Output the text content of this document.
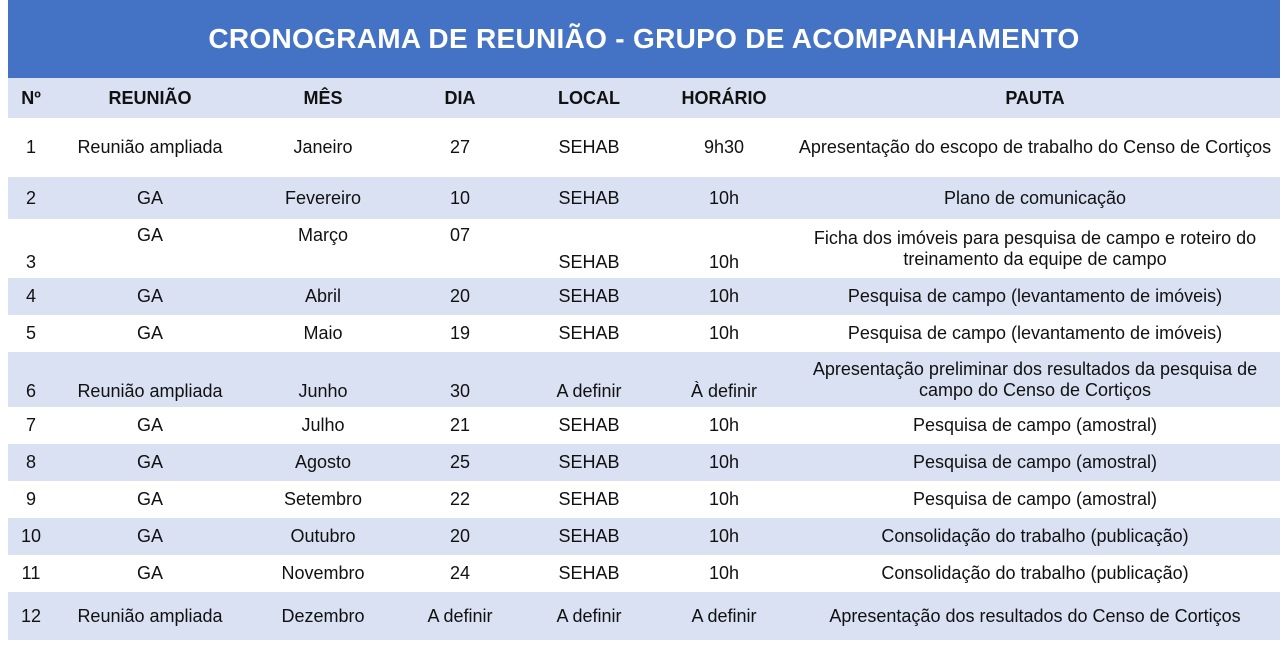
CRONOGRAMA DE REUNIÃO - GRUPO DE ACOMPANHAMENTO
Nº	REUNIÃO	MÊS	DIA	LOCAL	HORÁRIO	PAUTA
1	Reunião ampliada	Janeiro	27	SEHAB	9h30	Apresentação do escopo de trabalho do Censo de Cortiços
2	GA	Fevereiro	10	SEHAB	10h	Plano de comunicação
3	GA	Março	07	SEHAB	10h	Ficha dos imóveis para pesquisa de campo e roteiro do treinamento da equipe de campo
4	GA	Abril	20	SEHAB	10h	Pesquisa de campo (levantamento de imóveis)
5	GA	Maio	19	SEHAB	10h	Pesquisa de campo (levantamento de imóveis)
6	Reunião ampliada	Junho	30	A definir	À definir	Apresentação preliminar dos resultados da pesquisa de campo do Censo de Cortiços
7	GA	Julho	21	SEHAB	10h	Pesquisa de campo (amostral)
8	GA	Agosto	25	SEHAB	10h	Pesquisa de campo (amostral)
9	GA	Setembro	22	SEHAB	10h	Pesquisa de campo (amostral)
10	GA	Outubro	20	SEHAB	10h	Consolidação do trabalho (publicação)
11	GA	Novembro	24	SEHAB	10h	Consolidação do trabalho (publicação)
12	Reunião ampliada	Dezembro	A definir	A definir	A definir	Apresentação dos resultados do Censo de Cortiços
